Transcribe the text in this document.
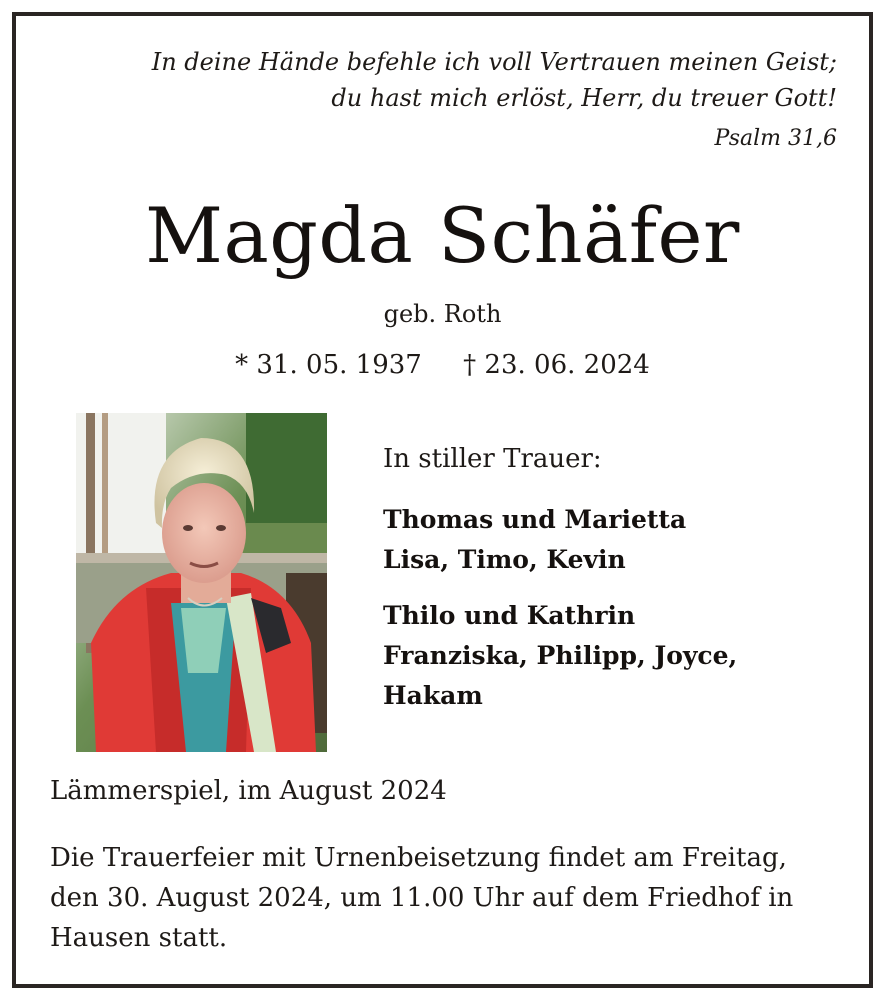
In deine Hände befehle ich voll Vertrauen meinen Geist;
du hast mich erlöst, Herr, du treuer Gott!
Psalm 31,6
Magda Schäfer
geb. Roth
* 31. 05. 1937 † 23. 06. 2024
In stiller Trauer:
Thomas und Marietta
Lisa, Timo, Kevin
Thilo und Kathrin
Franziska, Philipp, Joyce,
Hakam
Lämmerspiel, im August 2024
Die Trauerfeier mit Urnenbeisetzung findet am Freitag,
den 30. August 2024, um 11.00 Uhr auf dem Friedhof in
Hausen statt.
